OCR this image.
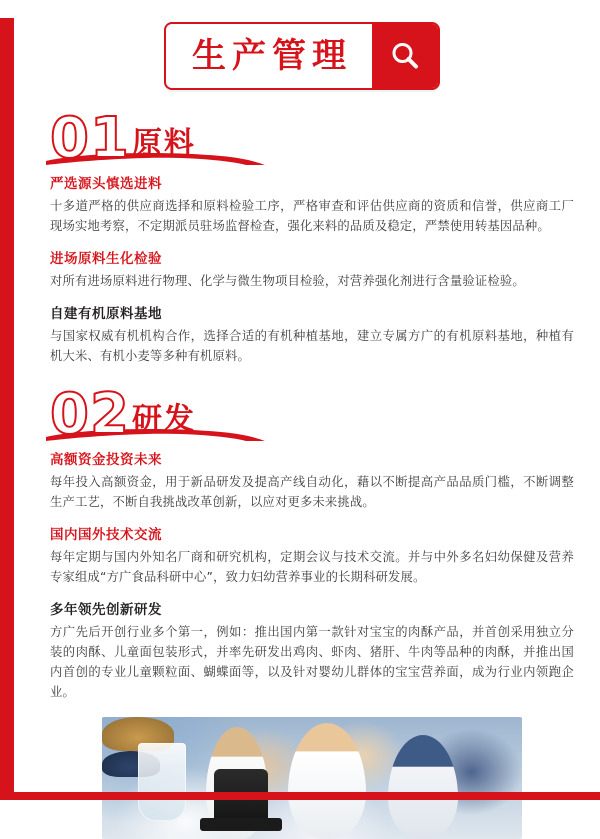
生产管理
01 原料
严选源头慎选进料
十多道严格的供应商选择和原料检验工序，严格审查和评估供应商的资质和信誉，供应商工厂现场实地考察，不定期派员驻场监督检查，强化来料的品质及稳定，严禁使用转基因品种。
进场原料生化检验
对所有进场原料进行物理、化学与微生物项目检验，对营养强化剂进行含量验证检验。
自建有机原料基地
与国家权威有机机构合作，选择合适的有机种植基地，建立专属方广的有机原料基地，种植有机大米、有机小麦等多种有机原料。
02 研发
高额资金投资未来
每年投入高额资金，用于新品研发及提高产线自动化，藉以不断提高产品品质门槛，不断调整生产工艺，不断自我挑战改革创新，以应对更多未来挑战。
国内国外技术交流
每年定期与国内外知名厂商和研究机构，定期会议与技术交流。并与中外多名妇幼保健及营养专家组成“方广食品科研中心”，致力妇幼营养事业的长期科研发展。
多年领先创新研发
方广先后开创行业多个第一，例如：推出国内第一款针对宝宝的肉酥产品，并首创采用独立分装的肉酥、儿童面包装形式，并率先研发出鸡肉、虾肉、猪肝、牛肉等品种的肉酥，并推出国内首创的专业儿童颗粒面、蝴蝶面等，以及针对婴幼儿群体的宝宝营养面，成为行业内领跑企业。
